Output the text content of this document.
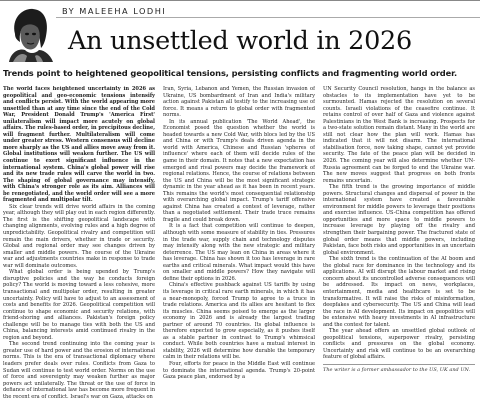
BY MALEEHA LODHI
An unsettled world in 2026
Trends point to heightened geopolitical tensions, persisting conflicts and fragmenting world order.

The world faces heightened uncertainty in 2026 as geopolitical and geo-economic tensions intensify and conflicts persist. With the world appearing more unsettled than at any time since the end of the Cold War, President Donald Trump's 'America First' unilateralism will impact more acutely on global affairs. The rules-based order, in precipitous decline, will fragment further. Multilateralism will come under greater stress. Western consensus will decline more sharply as the US and allies move away from it. Global institutions will weaken further. The US will continue to exert significant influence in the international system. China's global power will rise and its new trade rules will carve the world in two. The shaping of global governance may intensify, with China's stronger role as its aim. Alliances will be renegotiated, and the world order will see a more fragmented and multipolar tilt.

Six clear trends will drive world affairs in the coming year, although they will play out in each region differently. The first is the shifting geopolitical landscape with changing alignments, evolving rules and a high degree of unpredictability. Geopolitical rivalry and competition will remain the main drivers, whether in trade or security. Global and regional order may see changes driven by smaller and middle powers. The course of the Ukraine war and adjustments countries make in response to trade war will dominate outcomes.

What global order is being upended by Trump's disruptive policies and the way he conducts foreign policy? The world is moving toward a less cohesive, more transactional and multipolar order, resulting in greater uncertainty. Policy will have to adjust to an assessment of costs and benefits for 2026. Geopolitical competition will continue to shape economic and security relations, with friend-shoring and alliances. Pakistan's foreign policy challenge will be to manage ties with both the US and China, balancing interests amid continued rivalry in the region and beyond.

The second trend continuing into the coming year is greater use of hard power and the erosion of international norms. This is the era of transactional diplomacy where leaders prefer deals over rules. Conflicts from Gaza to Sudan will continue to test world order. Norms on the use of force and sovereignty may weaken further as major powers act unilaterally. The threat or the use of force in defiance of international law has become more frequent in the recent era of conflict. Israel's war on Gaza, attacks on

Iran, Syria, Lebanon and Yemen, the Russian invasion of Ukraine, US bombardment of Iran and India's military action against Pakistan all testify to the increasing use of force. It means a return to global order with fragmented norms.

In its annual publication 'The World Ahead', the Economist posed the question whether the world is headed towards a new Cold War, with blocs led by the US and China or with Trump's deals driven agenda in the world with America, Chinese and Russian 'spheres of influence' where each of them will decide rules of the game in their domain. It notes that a new expectation has emerged and rival powers may decide the framework of regional relations. Hence, the course of relations between the US and China will be the most significant strategic dynamic in the year ahead as it has been in recent years. This remains the world's most consequential relationship with overarching global impact. Trump's tariff offensive against China has created a contest of leverage, rather than a negotiated settlement. Their trade truce remains fragile and could break down.

It is a fact that competition will continue to deepen, although with some measure of stability in ties. Pressures in the trade war, supply chain and technology disputes may intensify along with the new strategic and military deterrence. The US may lean on China in areas where it has leverage. China has shown it too has leverage in rare earths and critical minerals. What impact would this have on smaller and middle powers? How they navigate will define their options in 2026.

China's effective pushback against US tariffs by using its leverage in critical rare earth minerals, in which it has a near-monopoly, forced Trump to agree to a truce in trade relations. America and its allies are hesitant to flex its muscles. China seems poised to emerge as the larger economy in 2026 and is already the largest trading partner of around 70 countries. Its global influence is therefore expected to grow especially, as it pushes itself as a stable partner in contrast to Trump's whimsical conduct. While both countries have a mutual interest in stability, 2026 will determine how durable the temporary calm in their relations will be.

Four, efforts for peace in the Middle East will continue to dominate the international agenda. Trump's 20-point Gaza peace plan, endorsed by a

UN Security Council resolution, hangs in the balance as obstacles to its implementation have yet to be surmounted. Hamas rejected the resolution on several counts. Israeli violations of the ceasefire continue. It retains control of over half of Gaza and violence against Palestinians in the West Bank is increasing. Prospects for a two-state solution remain distant. Many in the world are still not clear how the plan will work. Hamas has indicated that it will not disarm. The international stabilisation force, now taking shape, cannot yet provide security. The fate of the peace plan will be decided in 2026. The coming year will also determine whether UN-Russia agreement can be forged to end the Ukraine war. The new moves suggest that progress on both fronts remains uncertain.

The fifth trend is the growing importance of middle powers. Structural changes and dispersal of power in the international system have created a favourable environment for middle powers to leverage their positions and exercise influence. US-China competition has offered opportunities and more space to middle powers to increase leverage by playing off the rivalry and strengthen their bargaining power. The fractured state of global order means that middle powers, including Pakistan, face both risks and opportunities in an uncertain global environment.

The sixth trend is the continuation of the AI boom and the global race for dominance in the technology and its applications. AI will disrupt the labour market and rising concern about its uncontrolled adverse consequences will be addressed. Its impact on news, workplaces, entertainment, media and healthcare is set to be transformative. It will raise the risks of misinformation, deepfakes and cybersecurity. The US and China will lead the race in AI development. Its impact on geopolitics will be extensive with heavy investments in AI infrastructure and the contest for talent.

The year ahead offers an unsettled global outlook of geopolitical tensions, superpower rivalry, persisting conflicts and pressures on the global economy. Uncertainty and risk will continue to be an overarching feature of global affairs.

The writer is a former ambassador to the US, UK and UN.
